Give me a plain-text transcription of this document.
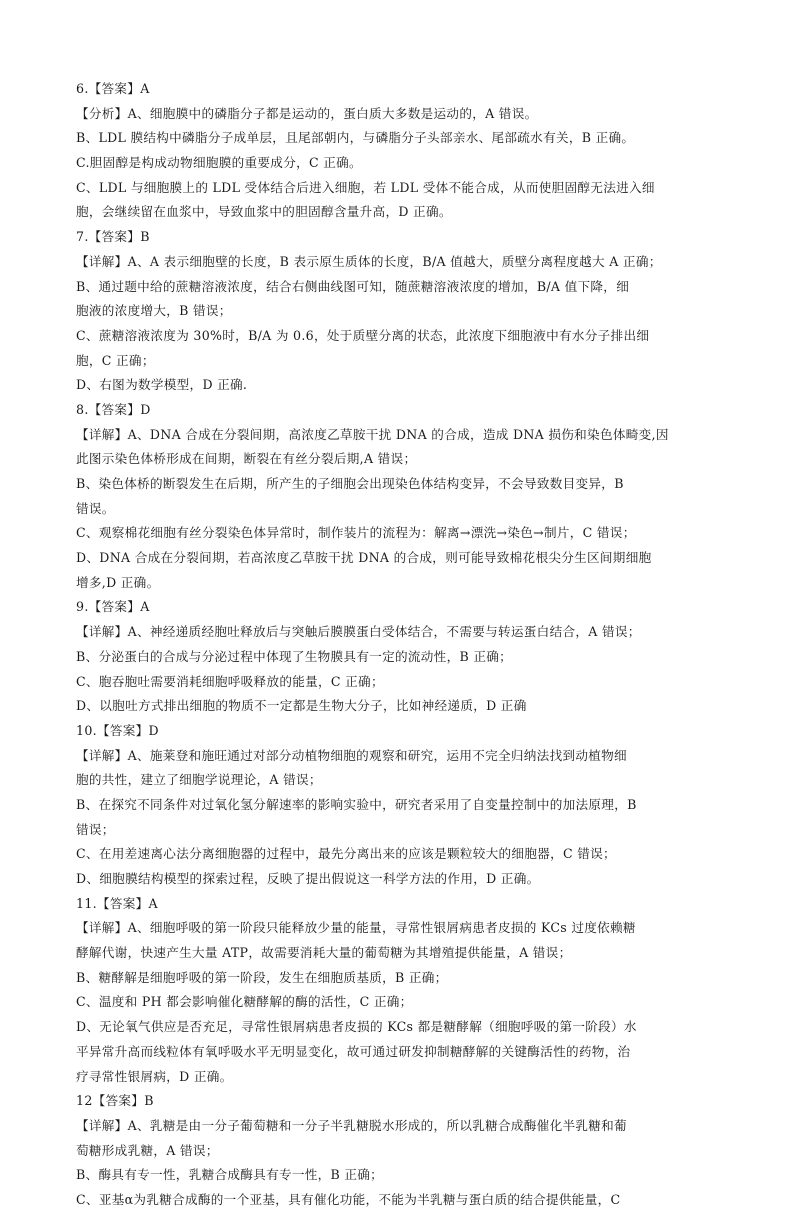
6.【答案】A
【分析】A、细胞膜中的磷脂分子都是运动的，蛋白质大多数是运动的，A 错误。
B、LDL 膜结构中磷脂分子成单层，且尾部朝内，与磷脂分子头部亲水、尾部疏水有关，B 正确。
C.胆固醇是构成动物细胞膜的重要成分，C 正确。
C、LDL 与细胞膜上的 LDL 受体结合后进入细胞，若 LDL 受体不能合成，从而使胆固醇无法进入细
胞，会继续留在血浆中，导致血浆中的胆固醇含量升高，D 正确。
7.【答案】B
【详解】A、A 表示细胞壁的长度，B 表示原生质体的长度，B/A 值越大，质壁分离程度越大 A 正确；
B、通过题中给的蔗糖溶液浓度，结合右侧曲线图可知，随蔗糖溶液浓度的增加，B/A 值下降，细
胞液的浓度增大，B 错误；
C、蔗糖溶液浓度为 30%时，B/A 为 0.6，处于质壁分离的状态，此浓度下细胞液中有水分子排出细
胞，C 正确；
D、右图为数学模型，D 正确.
8.【答案】D
【详解】A、DNA 合成在分裂间期，高浓度乙草胺干扰 DNA 的合成，造成 DNA 损伤和染色体畸变,因
此图示染色体桥形成在间期，断裂在有丝分裂后期,A 错误；
B、染色体桥的断裂发生在后期，所产生的子细胞会出现染色体结构变异，不会导致数目变异，B
错误。
C、观察棉花细胞有丝分裂染色体异常时，制作装片的流程为：解离→漂洗→染色→制片，C 错误；
D、DNA 合成在分裂间期，若高浓度乙草胺干扰 DNA 的合成，则可能导致棉花根尖分生区间期细胞
增多,D 正确。
9.【答案】A
【详解】A、神经递质经胞吐释放后与突触后膜膜蛋白受体结合，不需要与转运蛋白结合，A 错误；
B、分泌蛋白的合成与分泌过程中体现了生物膜具有一定的流动性，B 正确；
C、胞吞胞吐需要消耗细胞呼吸释放的能量，C 正确；
D、以胞吐方式排出细胞的物质不一定都是生物大分子，比如神经递质，D 正确
10.【答案】D
【详解】A、施莱登和施旺通过对部分动植物细胞的观察和研究，运用不完全归纳法找到动植物细
胞的共性，建立了细胞学说理论，A 错误；
B、在探究不同条件对过氧化氢分解速率的影响实验中，研究者采用了自变量控制中的加法原理，B
错误；
C、在用差速离心法分离细胞器的过程中，最先分离出来的应该是颗粒较大的细胞器，C 错误；
D、细胞膜结构模型的探索过程，反映了提出假说这一科学方法的作用，D 正确。
11.【答案】A
【详解】A、细胞呼吸的第一阶段只能释放少量的能量，寻常性银屑病患者皮损的 KCs 过度依赖糖
酵解代谢，快速产生大量 ATP，故需要消耗大量的葡萄糖为其增殖提供能量，A 错误；
B、糖酵解是细胞呼吸的第一阶段，发生在细胞质基质，B 正确；
C、温度和 PH 都会影响催化糖酵解的酶的活性，C 正确；
D、无论氧气供应是否充足，寻常性银屑病患者皮损的 KCs 都是糖酵解（细胞呼吸的第一阶段）水
平异常升高而线粒体有氧呼吸水平无明显变化，故可通过研发抑制糖酵解的关键酶活性的药物，治
疗寻常性银屑病，D 正确。
12【答案】B
【详解】A、乳糖是由一分子葡萄糖和一分子半乳糖脱水形成的，所以乳糖合成酶催化半乳糖和葡
萄糖形成乳糖，A 错误；
B、酶具有专一性，乳糖合成酶具有专一性，B 正确；
C、亚基α为乳糖合成酶的一个亚基，具有催化功能，不能为半乳糖与蛋白质的结合提供能量，C
